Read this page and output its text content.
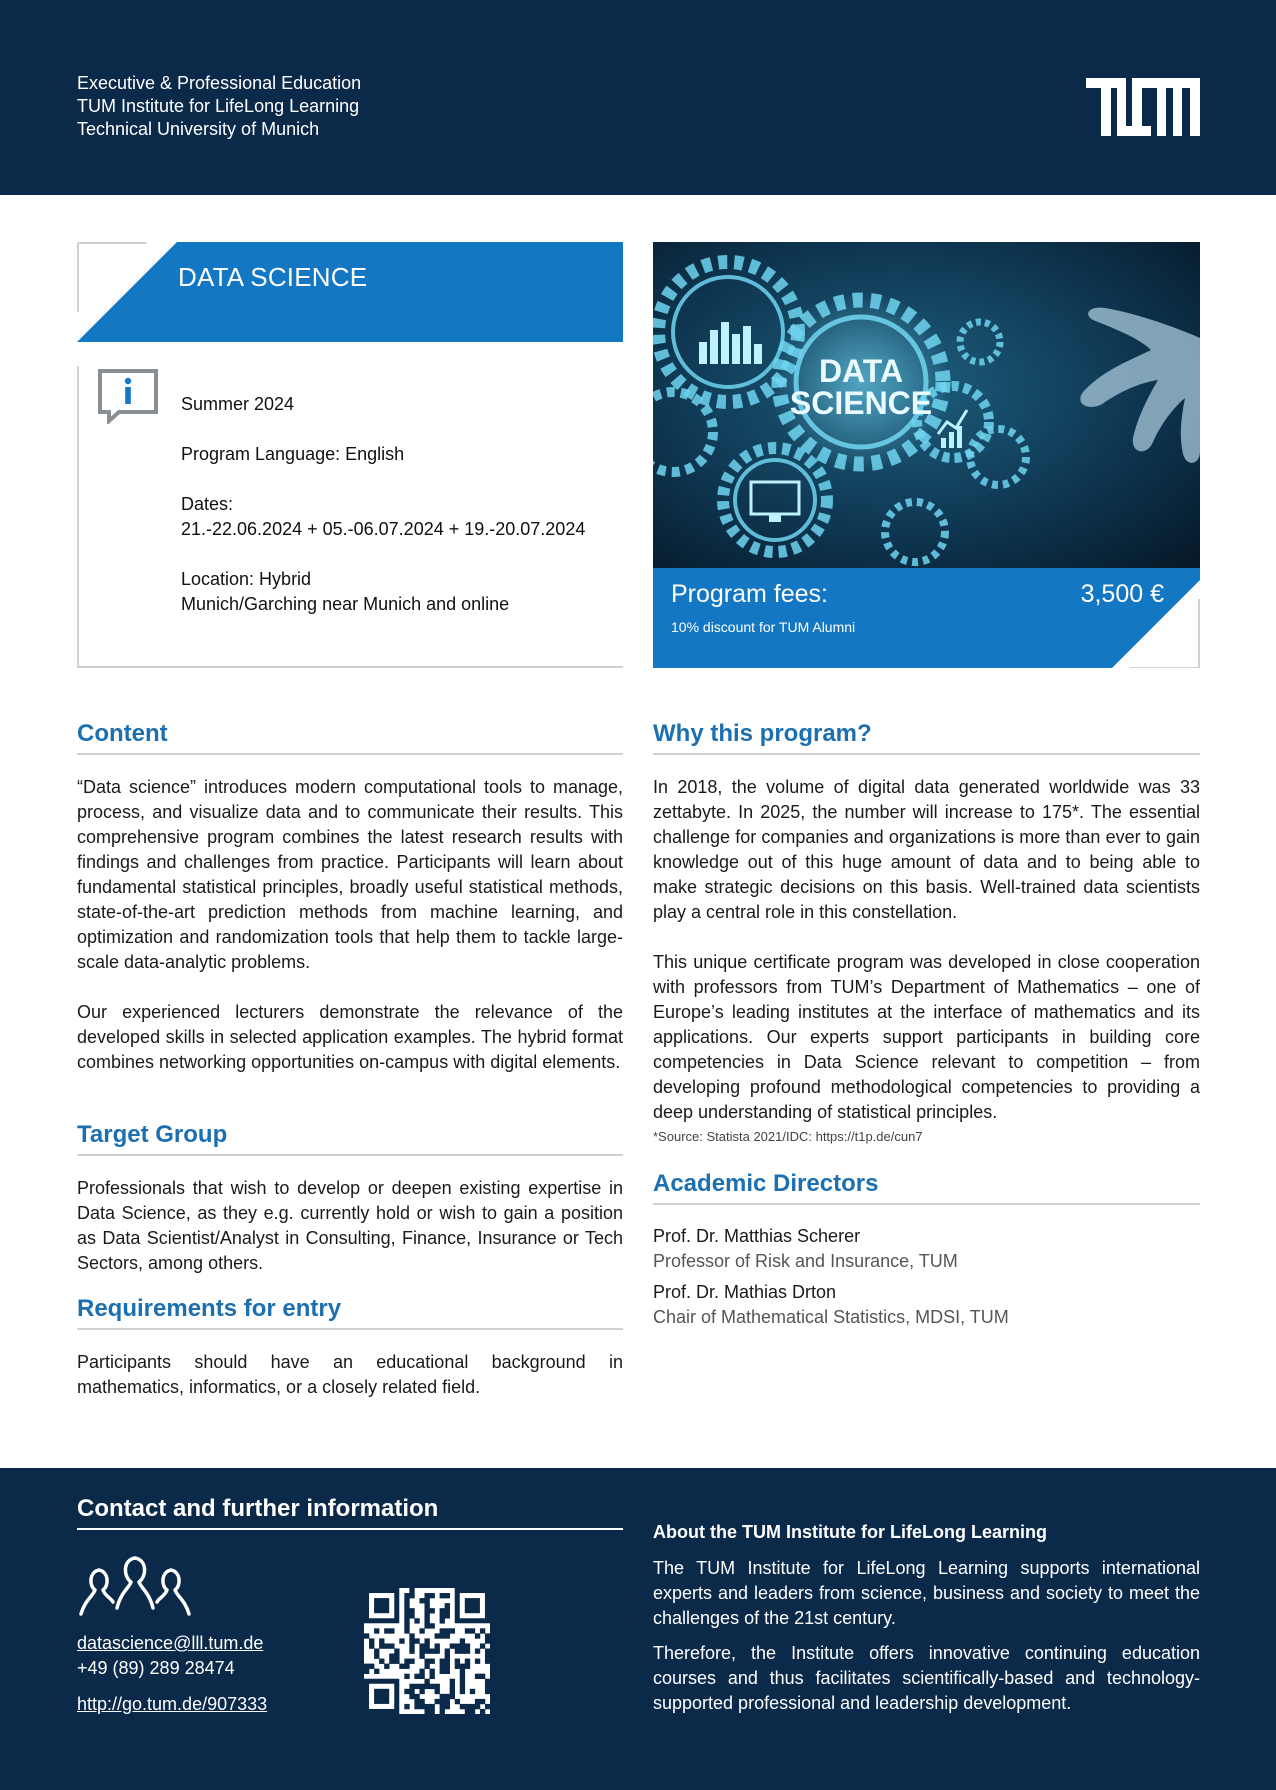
Executive & Professional Education
TUM Institute for LifeLong Learning
Technical University of Munich
DATA SCIENCE

Summer 2024

Program Language: English

Dates:

21.-22.06.2024 + 05.-06.07.2024 + 19.-20.07.2024

Location: Hybrid

Munich/Garching near Munich and online

DATA
SCIENCE
Program fees:	3,500 €
10% discount for TUM Alumni
Content

“Data science” introduces modern computational tools to manage, process, and visualize data and to communicate their results. This comprehensive program combines the latest research results with findings and challenges from practice. Participants will learn about fundamental statistical principles, broadly useful statistical methods, state-of-the-art prediction methods from machine learning, and optimization and randomization tools that help them to tackle large-scale data-analytic problems.

Our experienced lecturers demonstrate the relevance of the developed skills in selected application examples. The hybrid format combines networking opportunities on-campus with digital elements.

Target Group
Professionals that wish to develop or deepen existing expertise in Data Science, as they e.g. currently hold or wish to gain a position as Data Scientist/Analyst in Consulting, Finance, Insurance or Tech Sectors, among others.
Requirements for entry
Participants should have an educational background in mathematics, informatics, or a closely related field.
Why this program?

In 2018, the volume of digital data generated worldwide was 33 zettabyte. In 2025, the number will increase to 175*. The essential challenge for companies and organizations is more than ever to gain knowledge out of this huge amount of data and to being able to make strategic decisions on this basis. Well-trained data scientists play a central role in this constellation.

This unique certificate program was developed in close cooperation with professors from TUM’s Department of Mathematics – one of Europe’s leading institutes at the interface of mathematics and its applications. Our experts support participants in building core competencies in Data Science relevant to competition – from developing profound methodological competencies to providing a deep understanding of statistical principles.

*Source: Statista 2021/IDC: https://t1p.de/cun7
Academic Directors
Prof. Dr. Matthias Scherer
Professor of Risk and Insurance, TUM
Prof. Dr. Mathias Drton
Chair of Mathematical Statistics, MDSI, TUM
Contact and further information
datascience@lll.tum.de
+49 (89) 289 28474
http://go.tum.de/907333
About the TUM Institute for LifeLong Learning

The TUM Institute for LifeLong Learning supports international experts and leaders from science, business and society to meet the challenges of the 21st century.

Therefore, the Institute offers innovative continuing education courses and thus facilitates scientifically-based and technology-supported professional and leadership development.
